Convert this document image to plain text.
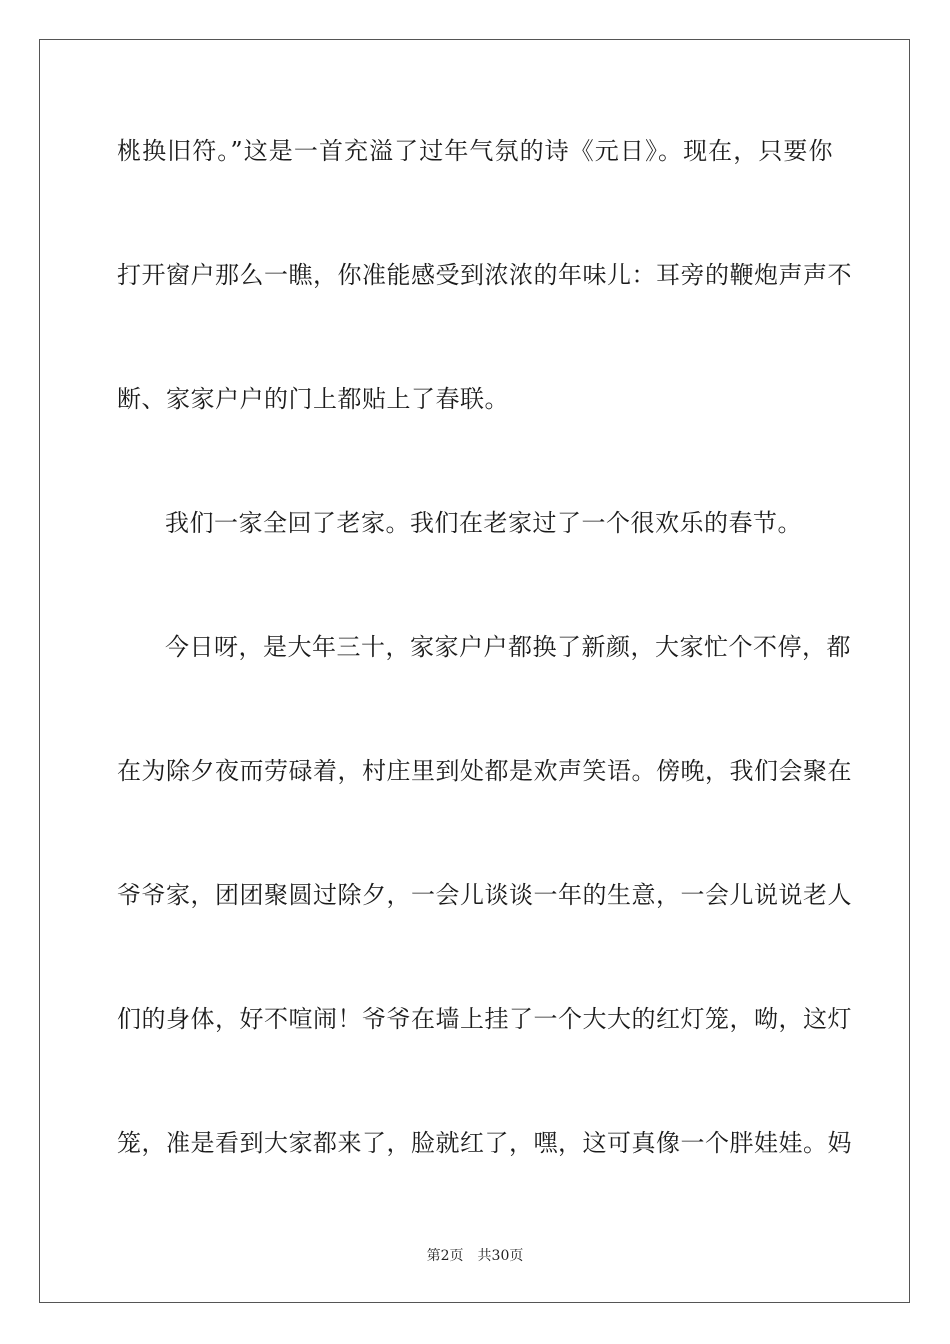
桃换旧符。”这是一首充溢了过年气氛的诗《元日》。现在，只要你
打开窗户那么一瞧，你准能感受到浓浓的年味儿：耳旁的鞭炮声声不
断、家家户户的门上都贴上了春联。
我们一家全回了老家。我们在老家过了一个很欢乐的春节。
今日呀，是大年三十，家家户户都换了新颜，大家忙个不停，都
在为除夕夜而劳碌着，村庄里到处都是欢声笑语。傍晚，我们会聚在
爷爷家，团团聚圆过除夕，一会儿谈谈一年的生意，一会儿说说老人
们的身体，好不喧闹！爷爷在墙上挂了一个大大的红灯笼，呦，这灯
笼，准是看到大家都来了，脸就红了，嘿，这可真像一个胖娃娃。妈
第2页 共30页
